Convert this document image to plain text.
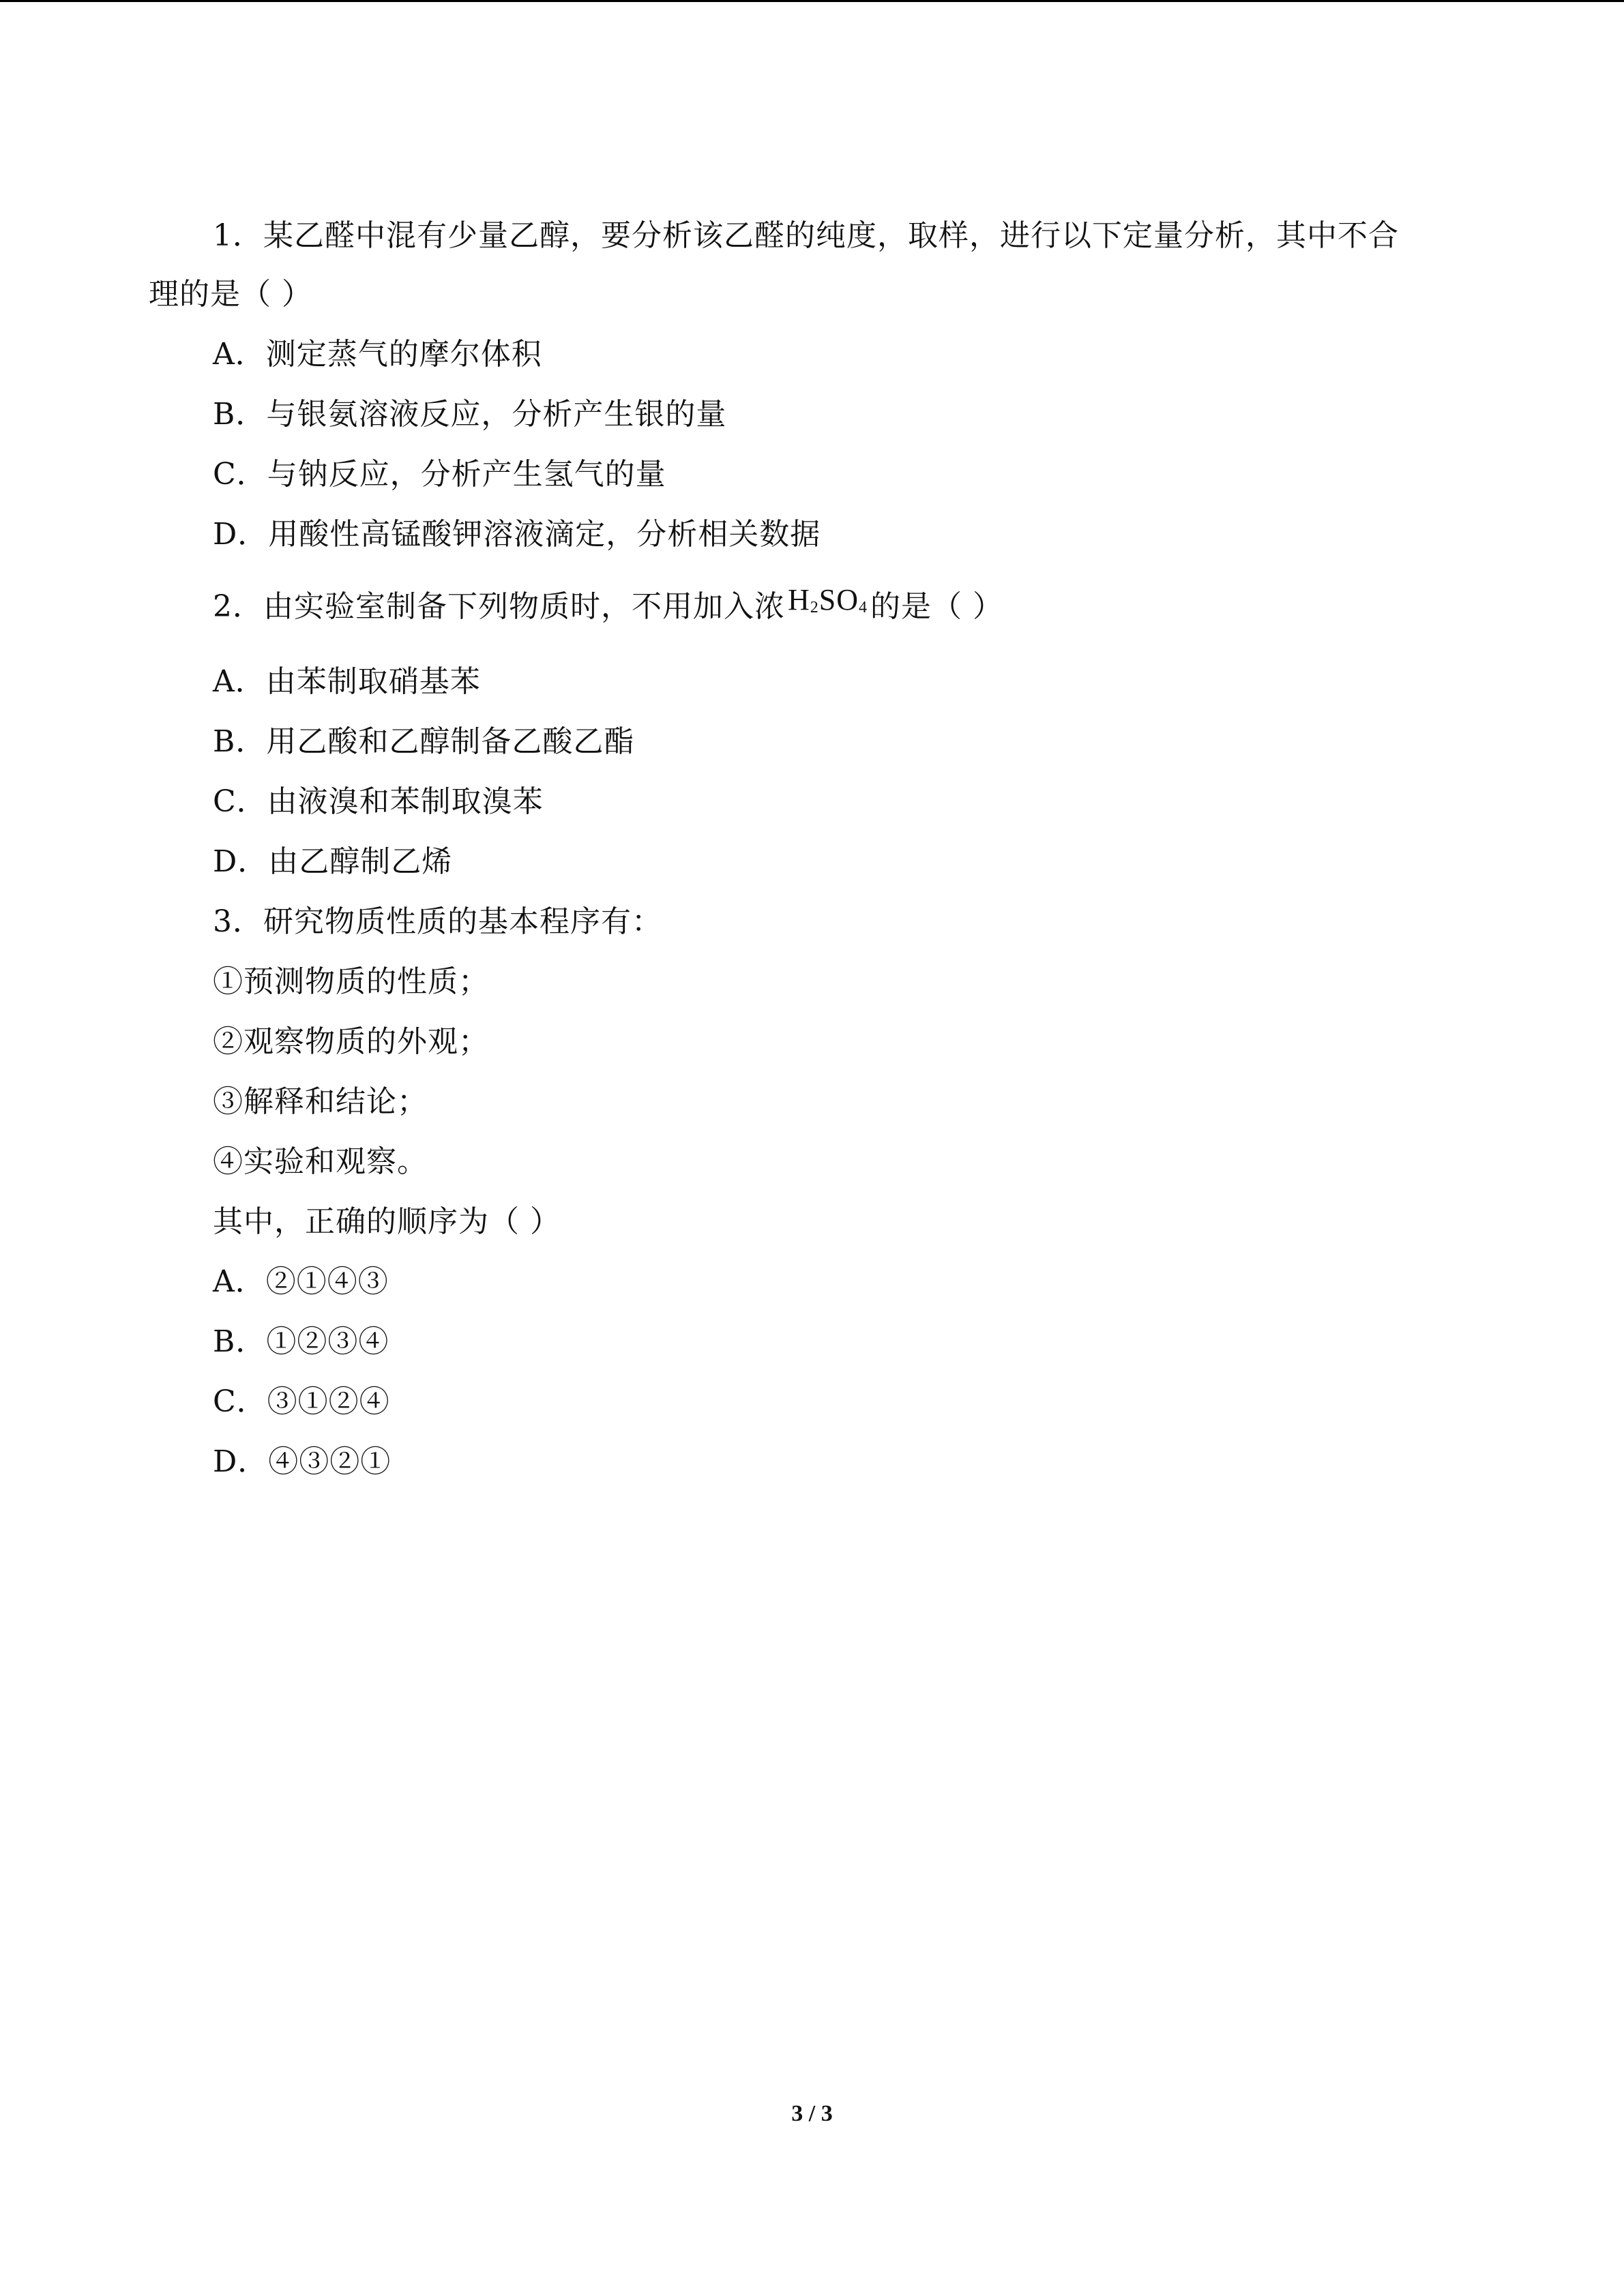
1．某乙醛中混有少量乙醇，要分析该乙醛的纯度，取样，进行以下定量分析，其中不合
理的是（ ）
A．测定蒸气的摩尔体积
B．与银氨溶液反应，分析产生银的量
C．与钠反应，分析产生氢气的量
D．用酸性高锰酸钾溶液滴定，分析相关数据
2．由实验室制备下列物质时，不用加入浓$H_2SO_4$的是（ ）
A．由苯制取硝基苯
B．用乙酸和乙醇制备乙酸乙酯
C．由液溴和苯制取溴苯
D．由乙醇制乙烯
3．研究物质性质的基本程序有：
①预测物质的性质；
②观察物质的外观；
③解释和结论；
④实验和观察。
其中，正确的顺序为（ ）
A．②①④③
B．①②③④
C．③①②④
D．④③②①
3 / 3
